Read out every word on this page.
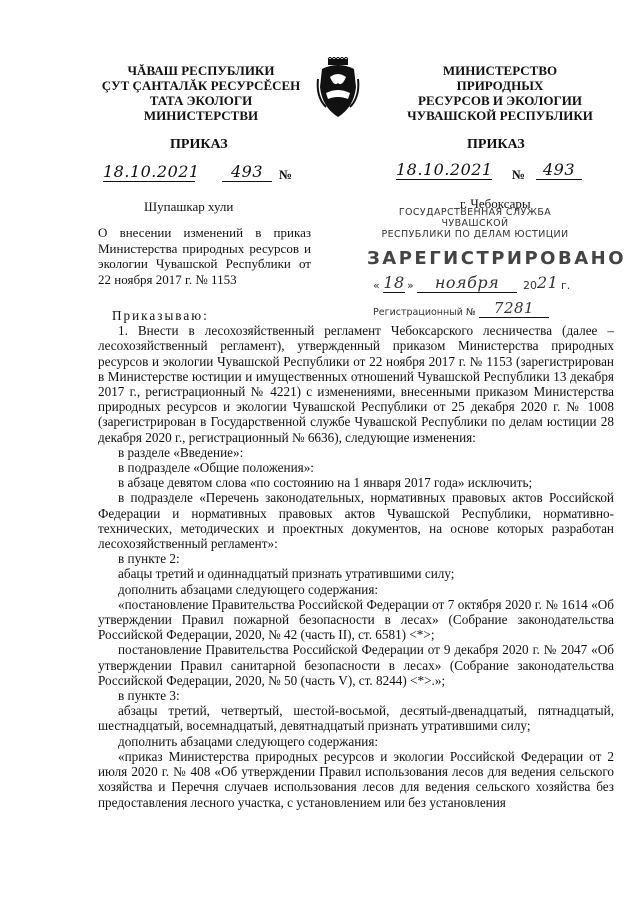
ЧĂВАШ РЕСПУБЛИКИ
ÇУТ ÇАНТАЛĂК РЕСУРСĔСЕН
ТАТА ЭКОЛОГИ
МИНИСТЕРСТВИ
МИНИСТЕРСТВО
ПРИРОДНЫХ
РЕСУРСОВ И ЭКОЛОГИИ
ЧУВАШСКОЙ РЕСПУБЛИКИ
ПРИКАЗ	ПРИКАЗ
18.10.2021	493	№	18.10.2021 №	493
Шупашкар хули	г. Чебоксары
О внесении изменений в приказ Министерства природных ресурсов и экологии Чувашской Республики от 22 ноября 2017 г. № 1153
ГОСУДАРСТВЕННАЯ СЛУЖБА ЧУВАШСКОЙ
РЕСПУБЛИКИ ПО ДЕЛАМ ЮСТИЦИИ
ЗАРЕГИСТРИРОВАНО
« 18 »	ноября	20 21 г.
Регистрационный №	7281

Приказываю:

1. Внести в лесохозяйственный регламент Чебоксарского лесничества (далее – лесохозяйственный регламент), утвержденный приказом Министерства природных ресурсов и экологии Чувашской Республики от 22 ноября 2017 г. № 1153 (зарегистрирован в Министерстве юстиции и имущественных отношений Чувашской Республики 13 декабря 2017 г., регистрационный № 4221) с изменениями, внесенными приказом Министерства природных ресурсов и экологии Чувашской Республики от 25 декабря 2020 г. № 1008 (зарегистрирован в Государственной службе Чувашской Республики по делам юстиции 28 декабря 2020 г., регистрационный № 6636), следующие изменения:

в разделе «Введение»:

в подразделе «Общие положения»:

в абзаце девятом слова «по состоянию на 1 января 2017 года» исключить;

в подразделе «Перечень законодательных, нормативных правовых актов Российской Федерации и нормативных правовых актов Чувашской Республики, нормативно-технических, методических и проектных документов, на основе которых разработан лесохозяйственный регламент»:

в пункте 2:

абацы третий и одиннадцатый признать утратившими силу;

дополнить абзацами следующего содержания:

«постановление Правительства Российской Федерации от 7 октября 2020 г. № 1614 «Об утверждении Правил пожарной безопасности в лесах» (Собрание законодательства Российской Федерации, 2020, № 42 (часть II), ст. 6581) <*>;

постановление Правительства Российской Федерации от 9 декабря 2020 г. № 2047 «Об утверждении Правил санитарной безопасности в лесах» (Собрание законодательства Российской Федерации, 2020, № 50 (часть V), ст. 8244) <*>.»;

в пункте 3:

абзацы третий, четвертый, шестой-восьмой, десятый-двенадцатый, пятнадцатый, шестнадцатый, восемнадцатый, девятнадцатый признать утратившими силу;

дополнить абзацами следующего содержания:

«приказ Министерства природных ресурсов и экологии Российской Федерации от 2 июля 2020 г. № 408 «Об утверждении Правил использования лесов для ведения сельского хозяйства и Перечня случаев использования лесов для ведения сельского хозяйства без предоставления лесного участка, с установлением или без установления
